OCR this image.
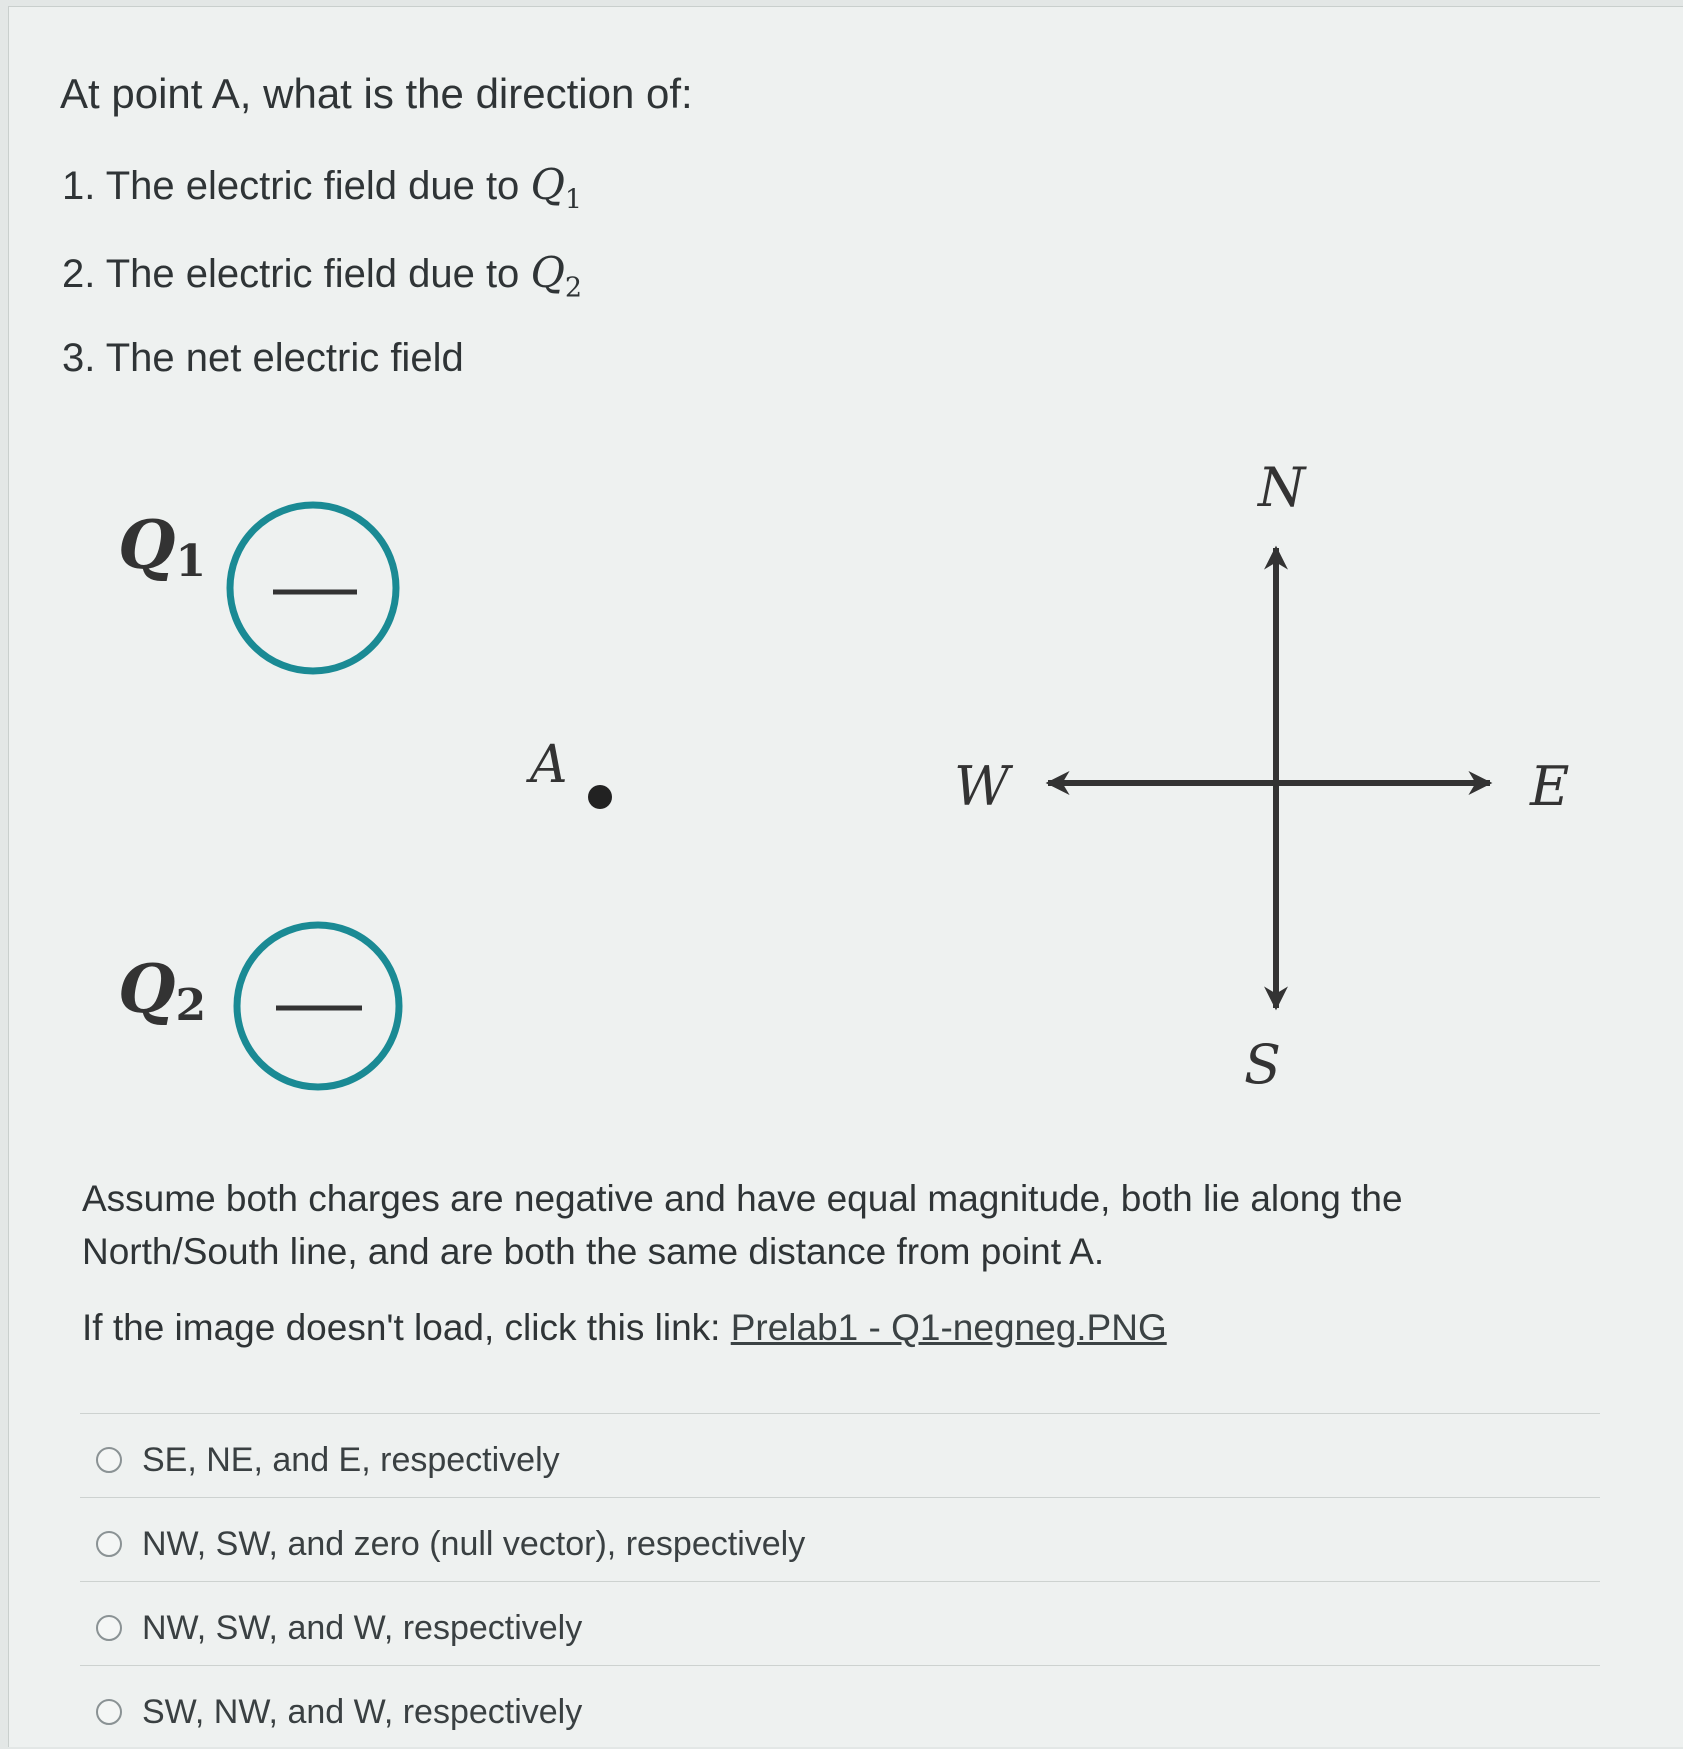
At point A, what is the direction of:
1. The electric field due to $Q_1$
2. The electric field due to $Q_2$
3. The net electric field
Q1
Q2
A
N
S
E
W
Assume both charges are negative and have equal magnitude, both lie along the North/South line, and are both the same distance from point A.
If the image doesn't load, click this link: Prelab1 - Q1-negneg.PNG
SE, NE, and E, respectively
NW, SW, and zero (null vector), respectively
NW, SW, and W, respectively
SW, NW, and W, respectively
